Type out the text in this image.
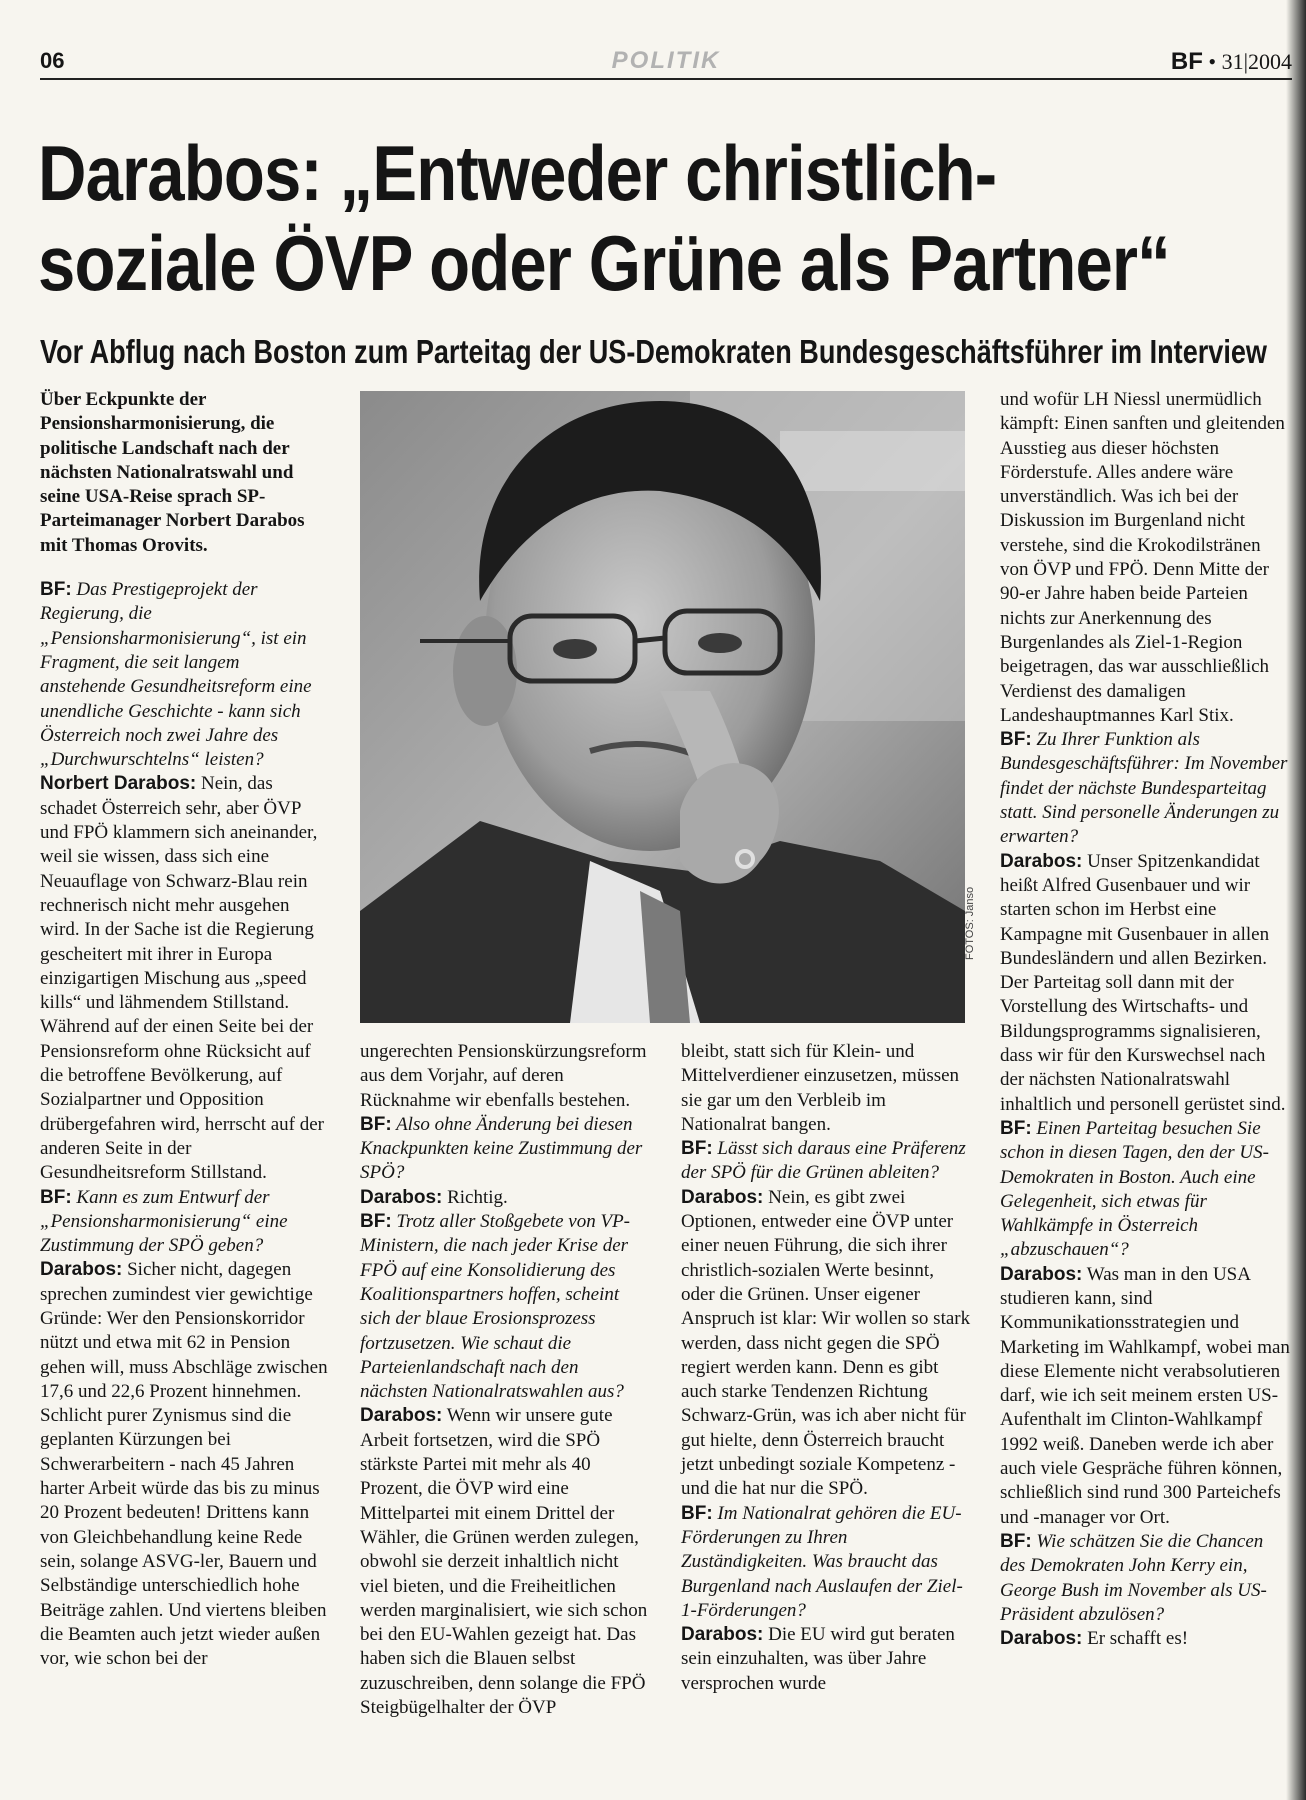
06	POLITIK	BF • 31|2004
Darabos: „Entweder christlich-
soziale ÖVP oder Grüne als Partner“
Vor Abflug nach Boston zum Parteitag der US-Demokraten Bundesgeschäftsführer im Interview

Über Eckpunkte der Pensionsharmonisierung, die politische Landschaft nach der nächsten Nationalratswahl und seine USA-Reise sprach SP-Parteimanager Norbert Darabos mit Thomas Orovits.

BF: Das Prestigeprojekt der Regierung, die „Pensionsharmonisierung“, ist ein Fragment, die seit langem anstehende Gesundheitsreform eine unendliche Geschichte - kann sich Österreich noch zwei Jahre des „Durchwurschtelns“ leisten?

Norbert Darabos: Nein, das schadet Österreich sehr, aber ÖVP und FPÖ klammern sich aneinander, weil sie wissen, dass sich eine Neuauflage von Schwarz-Blau rein rechnerisch nicht mehr ausgehen wird. In der Sache ist die Regierung gescheitert mit ihrer in Europa einzigartigen Mischung aus „speed kills“ und lähmendem Stillstand. Während auf der einen Seite bei der Pensionsreform ohne Rücksicht auf die betroffene Bevölkerung, auf Sozialpartner und Opposition drübergefahren wird, herrscht auf der anderen Seite in der Gesundheitsreform Stillstand.

BF: Kann es zum Entwurf der „Pensionsharmonisierung“ eine Zustimmung der SPÖ geben?

Darabos: Sicher nicht, dagegen sprechen zumindest vier gewichtige Gründe: Wer den Pensionskorridor nützt und etwa mit 62 in Pension gehen will, muss Abschläge zwischen 17,6 und 22,6 Prozent hinnehmen. Schlicht purer Zynismus sind die geplanten Kürzungen bei Schwerarbeitern - nach 45 Jahren harter Arbeit würde das bis zu minus 20 Prozent bedeuten! Drittens kann von Gleichbehandlung keine Rede sein, solange ASVG-ler, Bauern und Selbständige unterschiedlich hohe Beiträge zahlen. Und viertens bleiben die Beamten auch jetzt wieder außen vor, wie schon bei der

FOTOS: Janso

ungerechten Pensionskürzungsreform aus dem Vorjahr, auf deren Rücknahme wir ebenfalls bestehen.

BF: Also ohne Änderung bei diesen Knackpunkten keine Zustimmung der SPÖ?

Darabos: Richtig.

BF: Trotz aller Stoßgebete von VP-Ministern, die nach jeder Krise der FPÖ auf eine Konsolidierung des Koalitionspartners hoffen, scheint sich der blaue Erosionsprozess fortzusetzen. Wie schaut die Parteienlandschaft nach den nächsten Nationalratswahlen aus?

Darabos: Wenn wir unsere gute Arbeit fortsetzen, wird die SPÖ stärkste Partei mit mehr als 40 Prozent, die ÖVP wird eine Mittelpartei mit einem Drittel der Wähler, die Grünen werden zulegen, obwohl sie derzeit inhaltlich nicht viel bieten, und die Freiheitlichen werden marginalisiert, wie sich schon bei den EU-Wahlen gezeigt hat. Das haben sich die Blauen selbst zuzuschreiben, denn solange die FPÖ Steigbügelhalter der ÖVP

bleibt, statt sich für Klein- und Mittelverdiener einzusetzen, müssen sie gar um den Verbleib im Nationalrat bangen.

BF: Lässt sich daraus eine Präferenz der SPÖ für die Grünen ableiten?

Darabos: Nein, es gibt zwei Optionen, entweder eine ÖVP unter einer neuen Führung, die sich ihrer christlich-sozialen Werte besinnt, oder die Grünen. Unser eigener Anspruch ist klar: Wir wollen so stark werden, dass nicht gegen die SPÖ regiert werden kann. Denn es gibt auch starke Tendenzen Richtung Schwarz-Grün, was ich aber nicht für gut hielte, denn Österreich braucht jetzt unbedingt soziale Kompetenz - und die hat nur die SPÖ.

BF: Im Nationalrat gehören die EU-Förderungen zu Ihren Zuständigkeiten. Was braucht das Burgenland nach Auslaufen der Ziel-1-Förderungen?

Darabos: Die EU wird gut beraten sein einzuhalten, was über Jahre versprochen wurde

und wofür LH Niessl unermüdlich kämpft: Einen sanften und gleitenden Ausstieg aus dieser höchsten Förderstufe. Alles andere wäre unverständlich. Was ich bei der Diskussion im Burgenland nicht verstehe, sind die Krokodilstränen von ÖVP und FPÖ. Denn Mitte der 90-er Jahre haben beide Parteien nichts zur Anerkennung des Burgenlandes als Ziel-1-Region beigetragen, das war ausschließlich Verdienst des damaligen Landeshauptmannes Karl Stix.

BF: Zu Ihrer Funktion als Bundesgeschäftsführer: Im November findet der nächste Bundesparteitag statt. Sind personelle Änderungen zu erwarten?

Darabos: Unser Spitzenkandidat heißt Alfred Gusenbauer und wir starten schon im Herbst eine Kampagne mit Gusenbauer in allen Bundesländern und allen Bezirken. Der Parteitag soll dann mit der Vorstellung des Wirtschafts- und Bildungsprogramms signalisieren, dass wir für den Kurswechsel nach der nächsten Nationalratswahl inhaltlich und personell gerüstet sind.

BF: Einen Parteitag besuchen Sie schon in diesen Tagen, den der US-Demokraten in Boston. Auch eine Gelegenheit, sich etwas für Wahlkämpfe in Österreich „abzuschauen“?

Darabos: Was man in den USA studieren kann, sind Kommunikationsstrategien und Marketing im Wahlkampf, wobei man diese Elemente nicht verabsolutieren darf, wie ich seit meinem ersten US-Aufenthalt im Clinton-Wahlkampf 1992 weiß. Daneben werde ich aber auch viele Gespräche führen können, schließlich sind rund 300 Parteichefs und -manager vor Ort.

BF: Wie schätzen Sie die Chancen des Demokraten John Kerry ein, George Bush im November als US-Präsident abzulösen?

Darabos: Er schafft es!
